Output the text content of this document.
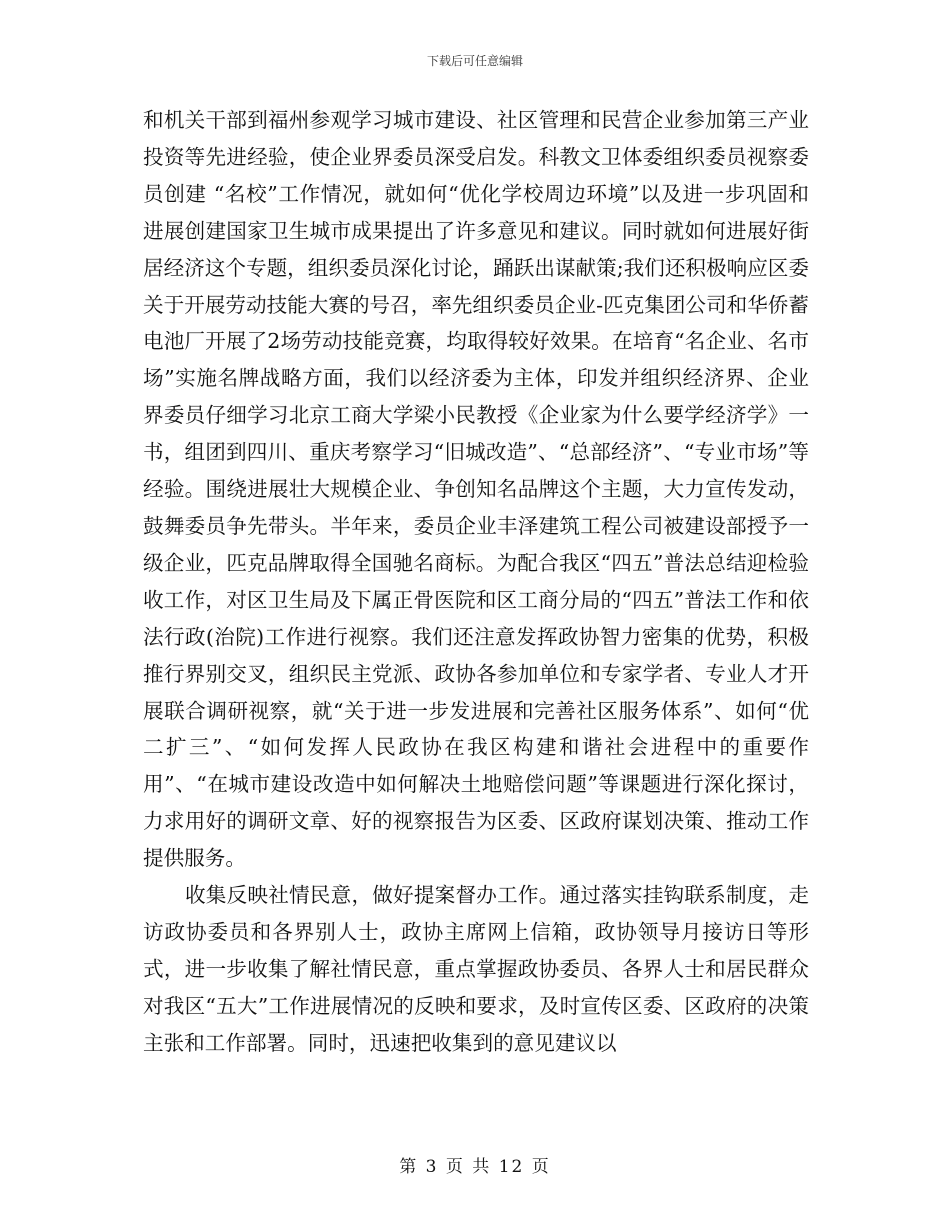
下载后可任意编辑

和机关干部到福州参观学习城市建设、社区管理和民营企业参加第三产业投资等先进经验，使企业界委员深受启发。科教文卫体委组织委员视察委员创建 “名校”工作情况，就如何“优化学校周边环境”以及进一步巩固和进展创建国家卫生城市成果提出了许多意见和建议。同时就如何进展好街居经济这个专题，组织委员深化讨论，踊跃出谋献策;我们还积极响应区委关于开展劳动技能大赛的号召，率先组织委员企业-匹克集团公司和华侨蓄电池厂开展了2场劳动技能竞赛，均取得较好效果。在培育“名企业、名市场”实施名牌战略方面，我们以经济委为主体，印发并组织经济界、企业界委员仔细学习北京工商大学梁小民教授《企业家为什么要学经济学》一书，组团到四川、重庆考察学习“旧城改造”、“总部经济”、“专业市场”等经验。围绕进展壮大规模企业、争创知名品牌这个主题，大力宣传发动，鼓舞委员争先带头。半年来，委员企业丰泽建筑工程公司被建设部授予一级企业，匹克品牌取得全国驰名商标。为配合我区“四五”普法总结迎检验收工作，对区卫生局及下属正骨医院和区工商分局的“四五”普法工作和依法行政(治院)工作进行视察。我们还注意发挥政协智力密集的优势，积极推行界别交叉，组织民主党派、政协各参加单位和专家学者、专业人才开展联合调研视察，就“关于进一步发进展和完善社区服务体系”、如何“优二扩三”、“如何发挥人民政协在我区构建和谐社会进程中的重要作用”、“在城市建设改造中如何解决土地赔偿问题”等课题进行深化探讨，力求用好的调研文章、好的视察报告为区委、区政府谋划决策、推动工作提供服务。

收集反映社情民意，做好提案督办工作。通过落实挂钩联系制度，走访政协委员和各界别人士，政协主席网上信箱，政协领导月接访日等形式，进一步收集了解社情民意，重点掌握政协委员、各界人士和居民群众对我区“五大”工作进展情况的反映和要求，及时宣传区委、区政府的决策主张和工作部署。同时，迅速把收集到的意见建议以

第 3 页 共 12 页
